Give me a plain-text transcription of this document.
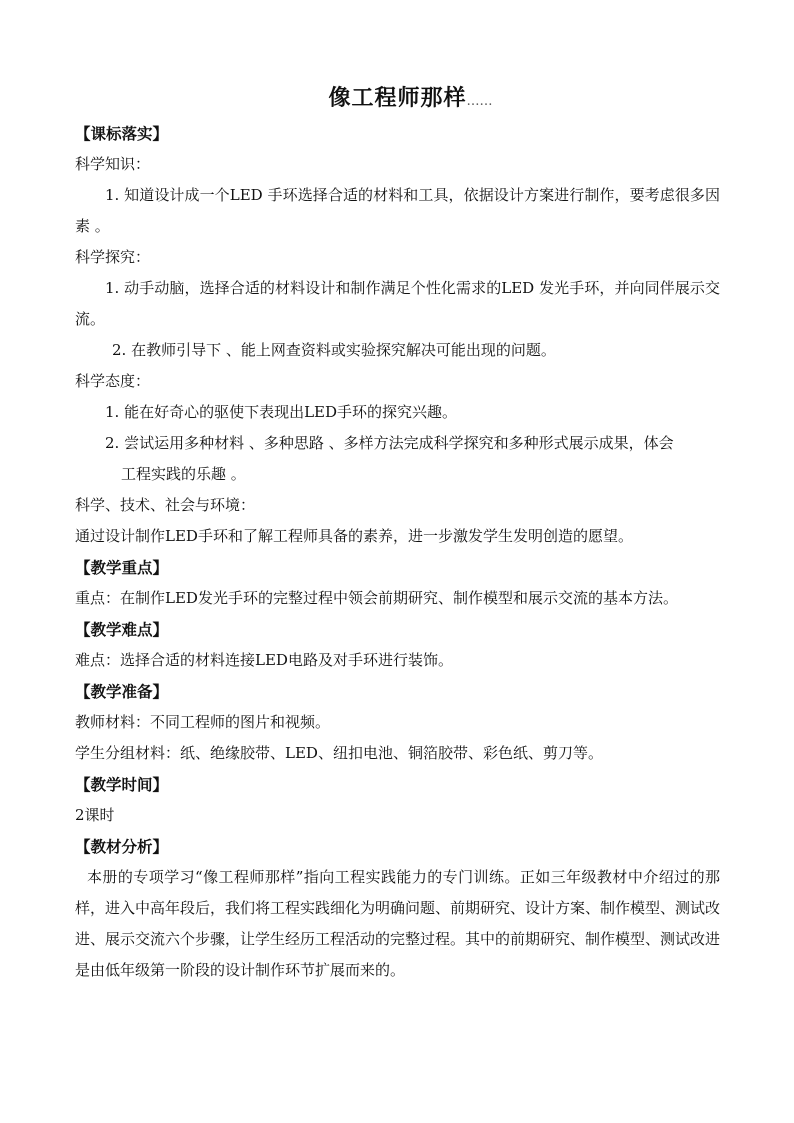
像工程师那样……
【课标落实】
科学知识：
1. 知道设计成一个LED 手环选择合适的材料和工具，依据设计方案进行制作，要考虑很多因素 。
科学探究：
1. 动手动脑，选择合适的材料设计和制作满足个性化需求的LED 发光手环，并向同伴展示交流。
2. 在教师引导下 、能上网查资料或实验探究解决可能出现的问题。
科学态度：
1. 能在好奇心的驱使下表现出LED手环的探究兴趣。
2. 尝试运用多种材料 、多种思路 、多样方法完成科学探究和多种形式展示成果，体会
工程实践的乐趣 。
科学、技术、社会与环境：
通过设计制作LED手环和了解工程师具备的素养，进一步激发学生发明创造的愿望。
【教学重点】
重点：在制作LED发光手环的完整过程中领会前期研究、制作模型和展示交流的基本方法。
【教学难点】
难点：选择合适的材料连接LED电路及对手环进行装饰。
【教学准备】
教师材料：不同工程师的图片和视频。
学生分组材料：纸、绝缘胶带、LED、纽扣电池、铜箔胶带、彩色纸、剪刀等。
【教学时间】
2课时
【教材分析】
本册的专项学习“像工程师那样”指向工程实践能力的专门训练。正如三年级教材中介绍过的那样，进入中高年段后，我们将工程实践细化为明确问题、前期研究、设计方案、制作模型、测试改进、展示交流六个步骤，让学生经历工程活动的完整过程。其中的前期研究、制作模型、测试改进是由低年级第一阶段的设计制作环节扩展而来的。
